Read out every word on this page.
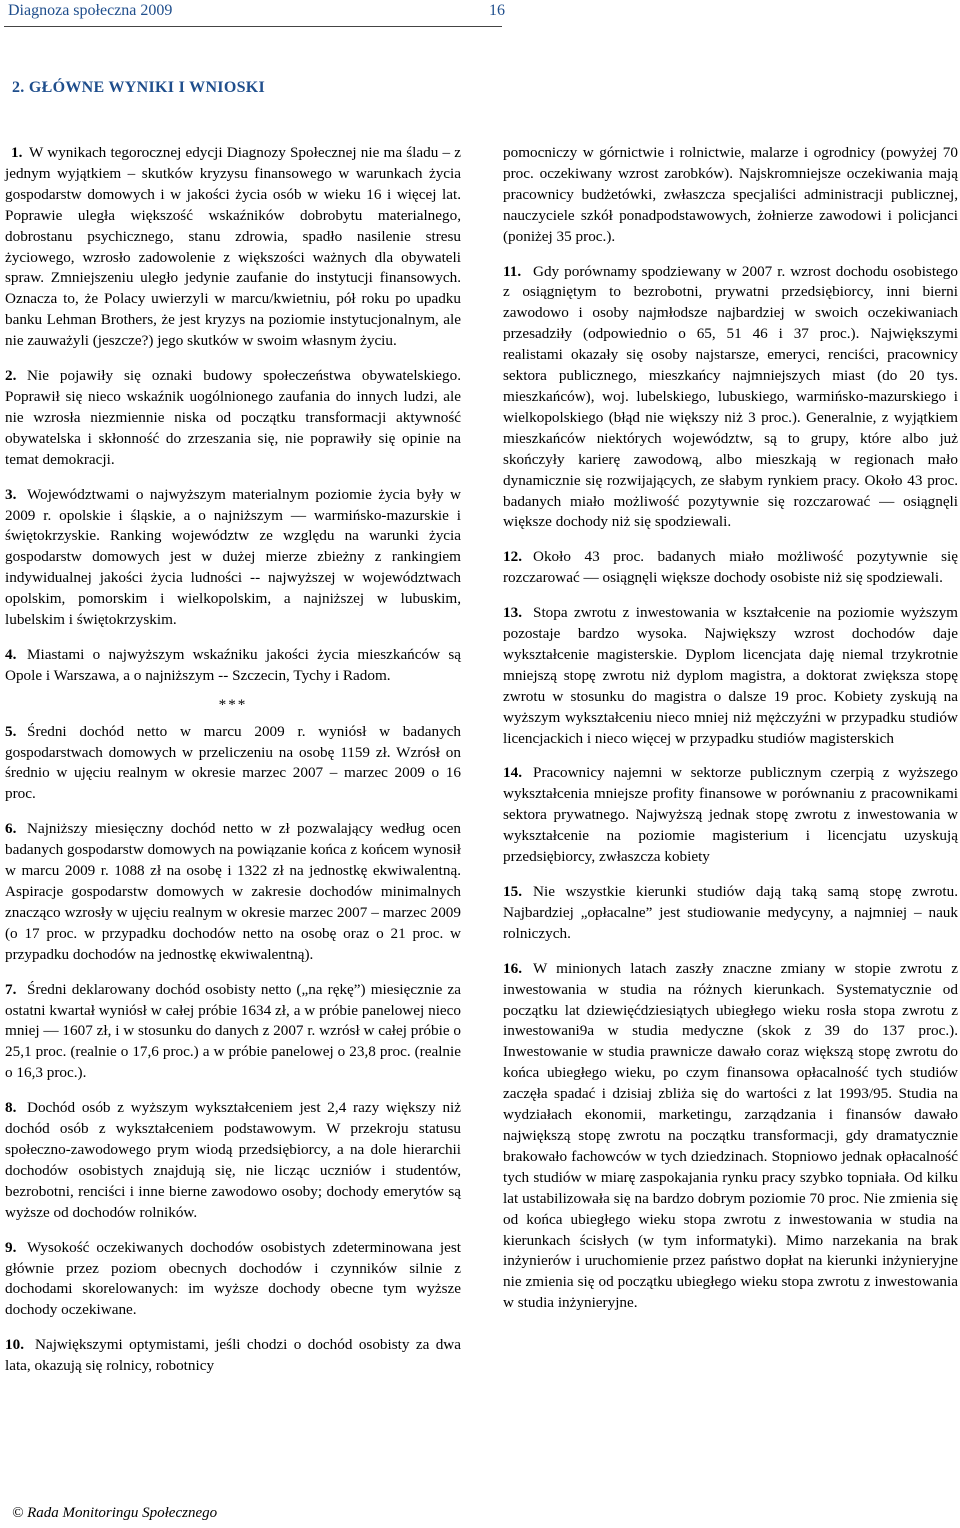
Diagnoza społeczna 2009	16
2. GŁÓWNE WYNIKI I WNIOSKI

1. W wynikach tegorocznej edycji Diagnozy Społecznej nie ma śladu – z jednym wyjątkiem – skutków kryzysu finansowego w warunkach życia gospodarstw domowych i w jakości życia osób w wieku 16 i więcej lat. Poprawie uległa większość wskaźników dobrobytu materialnego, dobrostanu psychicznego, stanu zdrowia, spadło nasilenie stresu życiowego, wzrosło zadowolenie z większości ważnych dla obywateli spraw. Zmniejszeniu uległo jedynie zaufanie do instytucji finansowych. Oznacza to, że Polacy uwierzyli w marcu/kwietniu, pół roku po upadku banku Lehman Brothers, że jest kryzys na poziomie instytucjonalnym, ale nie zauważyli (jeszcze?) jego skutków w swoim własnym życiu.

2. Nie pojawiły się oznaki budowy społeczeństwa obywatelskiego. Poprawił się nieco wskaźnik uogólnionego zaufania do innych ludzi, ale nie wzrosła niezmiennie niska od początku transformacji aktywność obywatelska i skłonność do zrzeszania się, nie poprawiły się opinie na temat demokracji.

3. Województwami o najwyższym materialnym poziomie życia były w 2009 r. opolskie i śląskie, a o najniższym — warmińsko-mazurskie i świętokrzyskie. Ranking województw ze względu na warunki życia gospodarstw domowych jest w dużej mierze zbieżny z rankingiem indywidualnej jakości życia ludności -- najwyższej w województwach opolskim, pomorskim i wielkopolskim, a najniższej w lubuskim, lubelskim i świętokrzyskim.

4. Miastami o najwyższym wskaźniku jakości życia mieszkańców są Opole i Warszawa, a o najniższym -- Szczecin, Tychy i Radom.

***

5. Średni dochód netto w marcu 2009 r. wyniósł w badanych gospodarstwach domowych w przeliczeniu na osobę 1159 zł. Wzrósł on średnio w ujęciu realnym w okresie marzec 2007 – marzec 2009 o 16 proc.

6. Najniższy miesięczny dochód netto w zł pozwalający według ocen badanych gospodarstw domowych na powiązanie końca z końcem wynosił w marcu 2009 r. 1088 zł na osobę i 1322 zł na jednostkę ekwiwalentną. Aspiracje gospodarstw domowych w zakresie dochodów minimalnych znacząco wzrosły w ujęciu realnym w okresie marzec 2007 – marzec 2009 (o 17 proc. w przypadku dochodów netto na osobę oraz o 21 proc. w przypadku dochodów na jednostkę ekwiwalentną).

7. Średni deklarowany dochód osobisty netto („na rękę”) miesięcznie za ostatni kwartał wyniósł w całej próbie 1634 zł, a w próbie panelowej nieco mniej — 1607 zł, i w stosunku do danych z 2007 r. wzrósł w całej próbie o 25,1 proc. (realnie o 17,6 proc.) a w próbie panelowej o 23,8 proc. (realnie o 16,3 proc.).

8. Dochód osób z wyższym wykształceniem jest 2,4 razy większy niż dochód osób z wykształceniem podstawowym. W przekroju statusu społeczno-zawodowego prym wiodą przedsiębiorcy, a na dole hierarchii dochodów osobistych znajdują się, nie licząc uczniów i studentów, bezrobotni, renciści i inne bierne zawodowo osoby; dochody emerytów są wyższe od dochodów rolników.

9. Wysokość oczekiwanych dochodów osobistych zdeterminowana jest głównie przez poziom obecnych dochodów i czynników silnie z dochodami skorelowanych: im wyższe dochody obecne tym wyższe dochody oczekiwane.

10. Największymi optymistami, jeśli chodzi o dochód osobisty za dwa lata, okazują się rolnicy, robotnicy

pomocniczy w górnictwie i rolnictwie, malarze i ogrodnicy (powyżej 70 proc. oczekiwany wzrost zarobków). Najskromniejsze oczekiwania mają pracownicy budżetówki, zwłaszcza specjaliści administracji publicznej, nauczyciele szkół ponadpodstawowych, żołnierze zawodowi i policjanci (poniżej 35 proc.).

11. Gdy porównamy spodziewany w 2007 r. wzrost dochodu osobistego z osiągniętym to bezrobotni, prywatni przedsiębiorcy, inni bierni zawodowo i osoby najmłodsze najbardziej w swoich oczekiwaniach przesadziły (odpowiednio o 65, 51 46 i 37 proc.). Największymi realistami okazały się osoby najstarsze, emeryci, renciści, pracownicy sektora publicznego, mieszkańcy najmniejszych miast (do 20 tys. mieszkańców), woj. lubelskiego, lubuskiego, warmińsko-mazurskiego i wielkopolskiego (błąd nie większy niż 3 proc.). Generalnie, z wyjątkiem mieszkańców niektórych województw, są to grupy, które albo już skończyły karierę zawodową, albo mieszkają w regionach mało dynamicznie się rozwijających, ze słabym rynkiem pracy. Około 43 proc. badanych miało możliwość pozytywnie się rozczarować — osiągnęli większe dochody niż się spodziewali.

12. Około 43 proc. badanych miało możliwość pozytywnie się rozczarować — osiągnęli większe dochody osobiste niż się spodziewali.

13. Stopa zwrotu z inwestowania w kształcenie na poziomie wyższym pozostaje bardzo wysoka. Największy wzrost dochodów daje wykształcenie magisterskie. Dyplom licencjata daję niemal trzykrotnie mniejszą stopę zwrotu niż dyplom magistra, a doktorat zwiększa stopę zwrotu w stosunku do magistra o dalsze 19 proc. Kobiety zyskują na wyższym wykształceniu nieco mniej niż mężczyźni w przypadku studiów licencjackich i nieco więcej w przypadku studiów magisterskich

14. Pracownicy najemni w sektorze publicznym czerpią z wyższego wykształcenia mniejsze profity finansowe w porównaniu z pracownikami sektora prywatnego. Najwyższą jednak stopę zwrotu z inwestowania w wykształcenie na poziomie magisterium i licencjatu uzyskują przedsiębiorcy, zwłaszcza kobiety

15. Nie wszystkie kierunki studiów dają taką samą stopę zwrotu. Najbardziej „opłacalne” jest studiowanie medycyny, a najmniej – nauk rolniczych.

16. W minionych latach zaszły znaczne zmiany w stopie zwrotu z inwestowania w studia na różnych kierunkach. Systematycznie od początku lat dziewięćdziesiątych ubiegłego wieku rosła stopa zwrotu z inwestowani9a w studia medyczne (skok z 39 do 137 proc.). Inwestowanie w studia prawnicze dawało coraz większą stopę zwrotu do końca ubiegłego wieku, po czym finansowa opłacalność tych studiów zaczęła spadać i dzisiaj zbliża się do wartości z lat 1993/95. Studia na wydziałach ekonomii, marketingu, zarządzania i finansów dawało największą stopę zwrotu na początku transformacji, gdy dramatycznie brakowało fachowców w tych dziedzinach. Stopniowo jednak opłacalność tych studiów w miarę zaspokajania rynku pracy szybko topniała. Od kilku lat ustabilizowała się na bardzo dobrym poziomie 70 proc. Nie zmienia się od końca ubiegłego wieku stopa zwrotu z inwestowania w studia na kierunkach ścisłych (w tym informatyki). Mimo narzekania na brak inżynierów i uruchomienie przez państwo dopłat na kierunki inżynieryjne nie zmienia się od początku ubiegłego wieku stopa zwrotu z inwestowania w studia inżynieryjne.

© Rada Monitoringu Społecznego
